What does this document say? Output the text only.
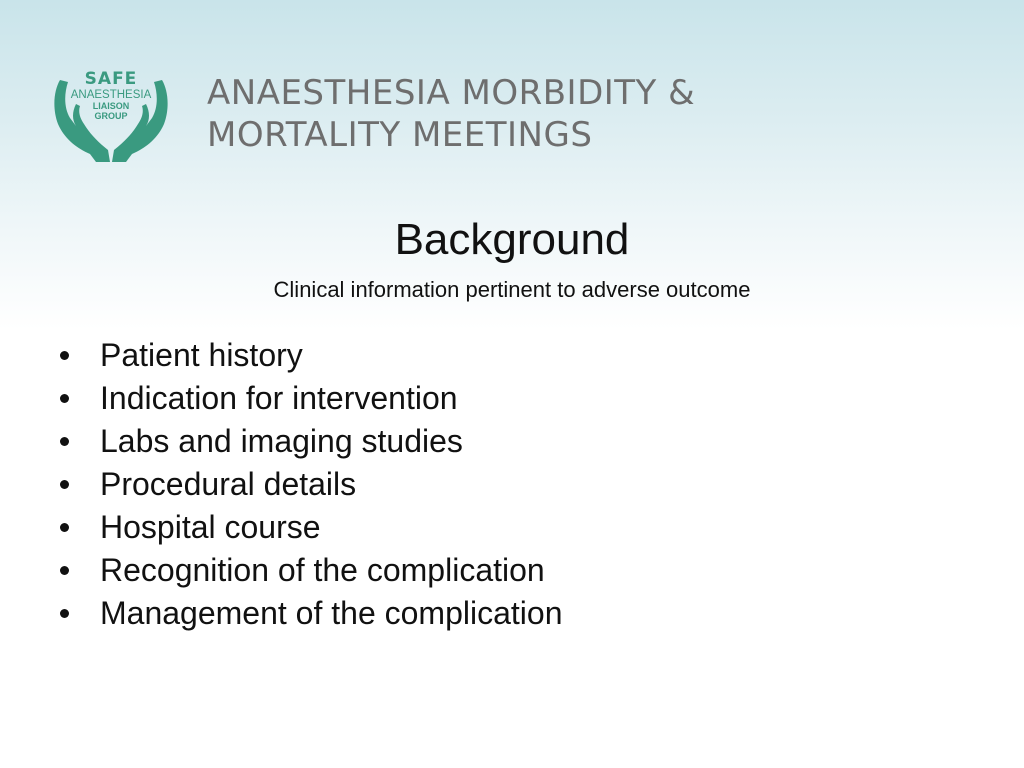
SAFE
ANAESTHESIA
LIAISON
GROUP
ANAESTHESIA MORBIDITY &
MORTALITY MEETINGS
Background
Clinical information pertinent to adverse outcome
Patient history
Indication for intervention
Labs and imaging studies
Procedural details
Hospital course
Recognition of the complication
Management of the complication
